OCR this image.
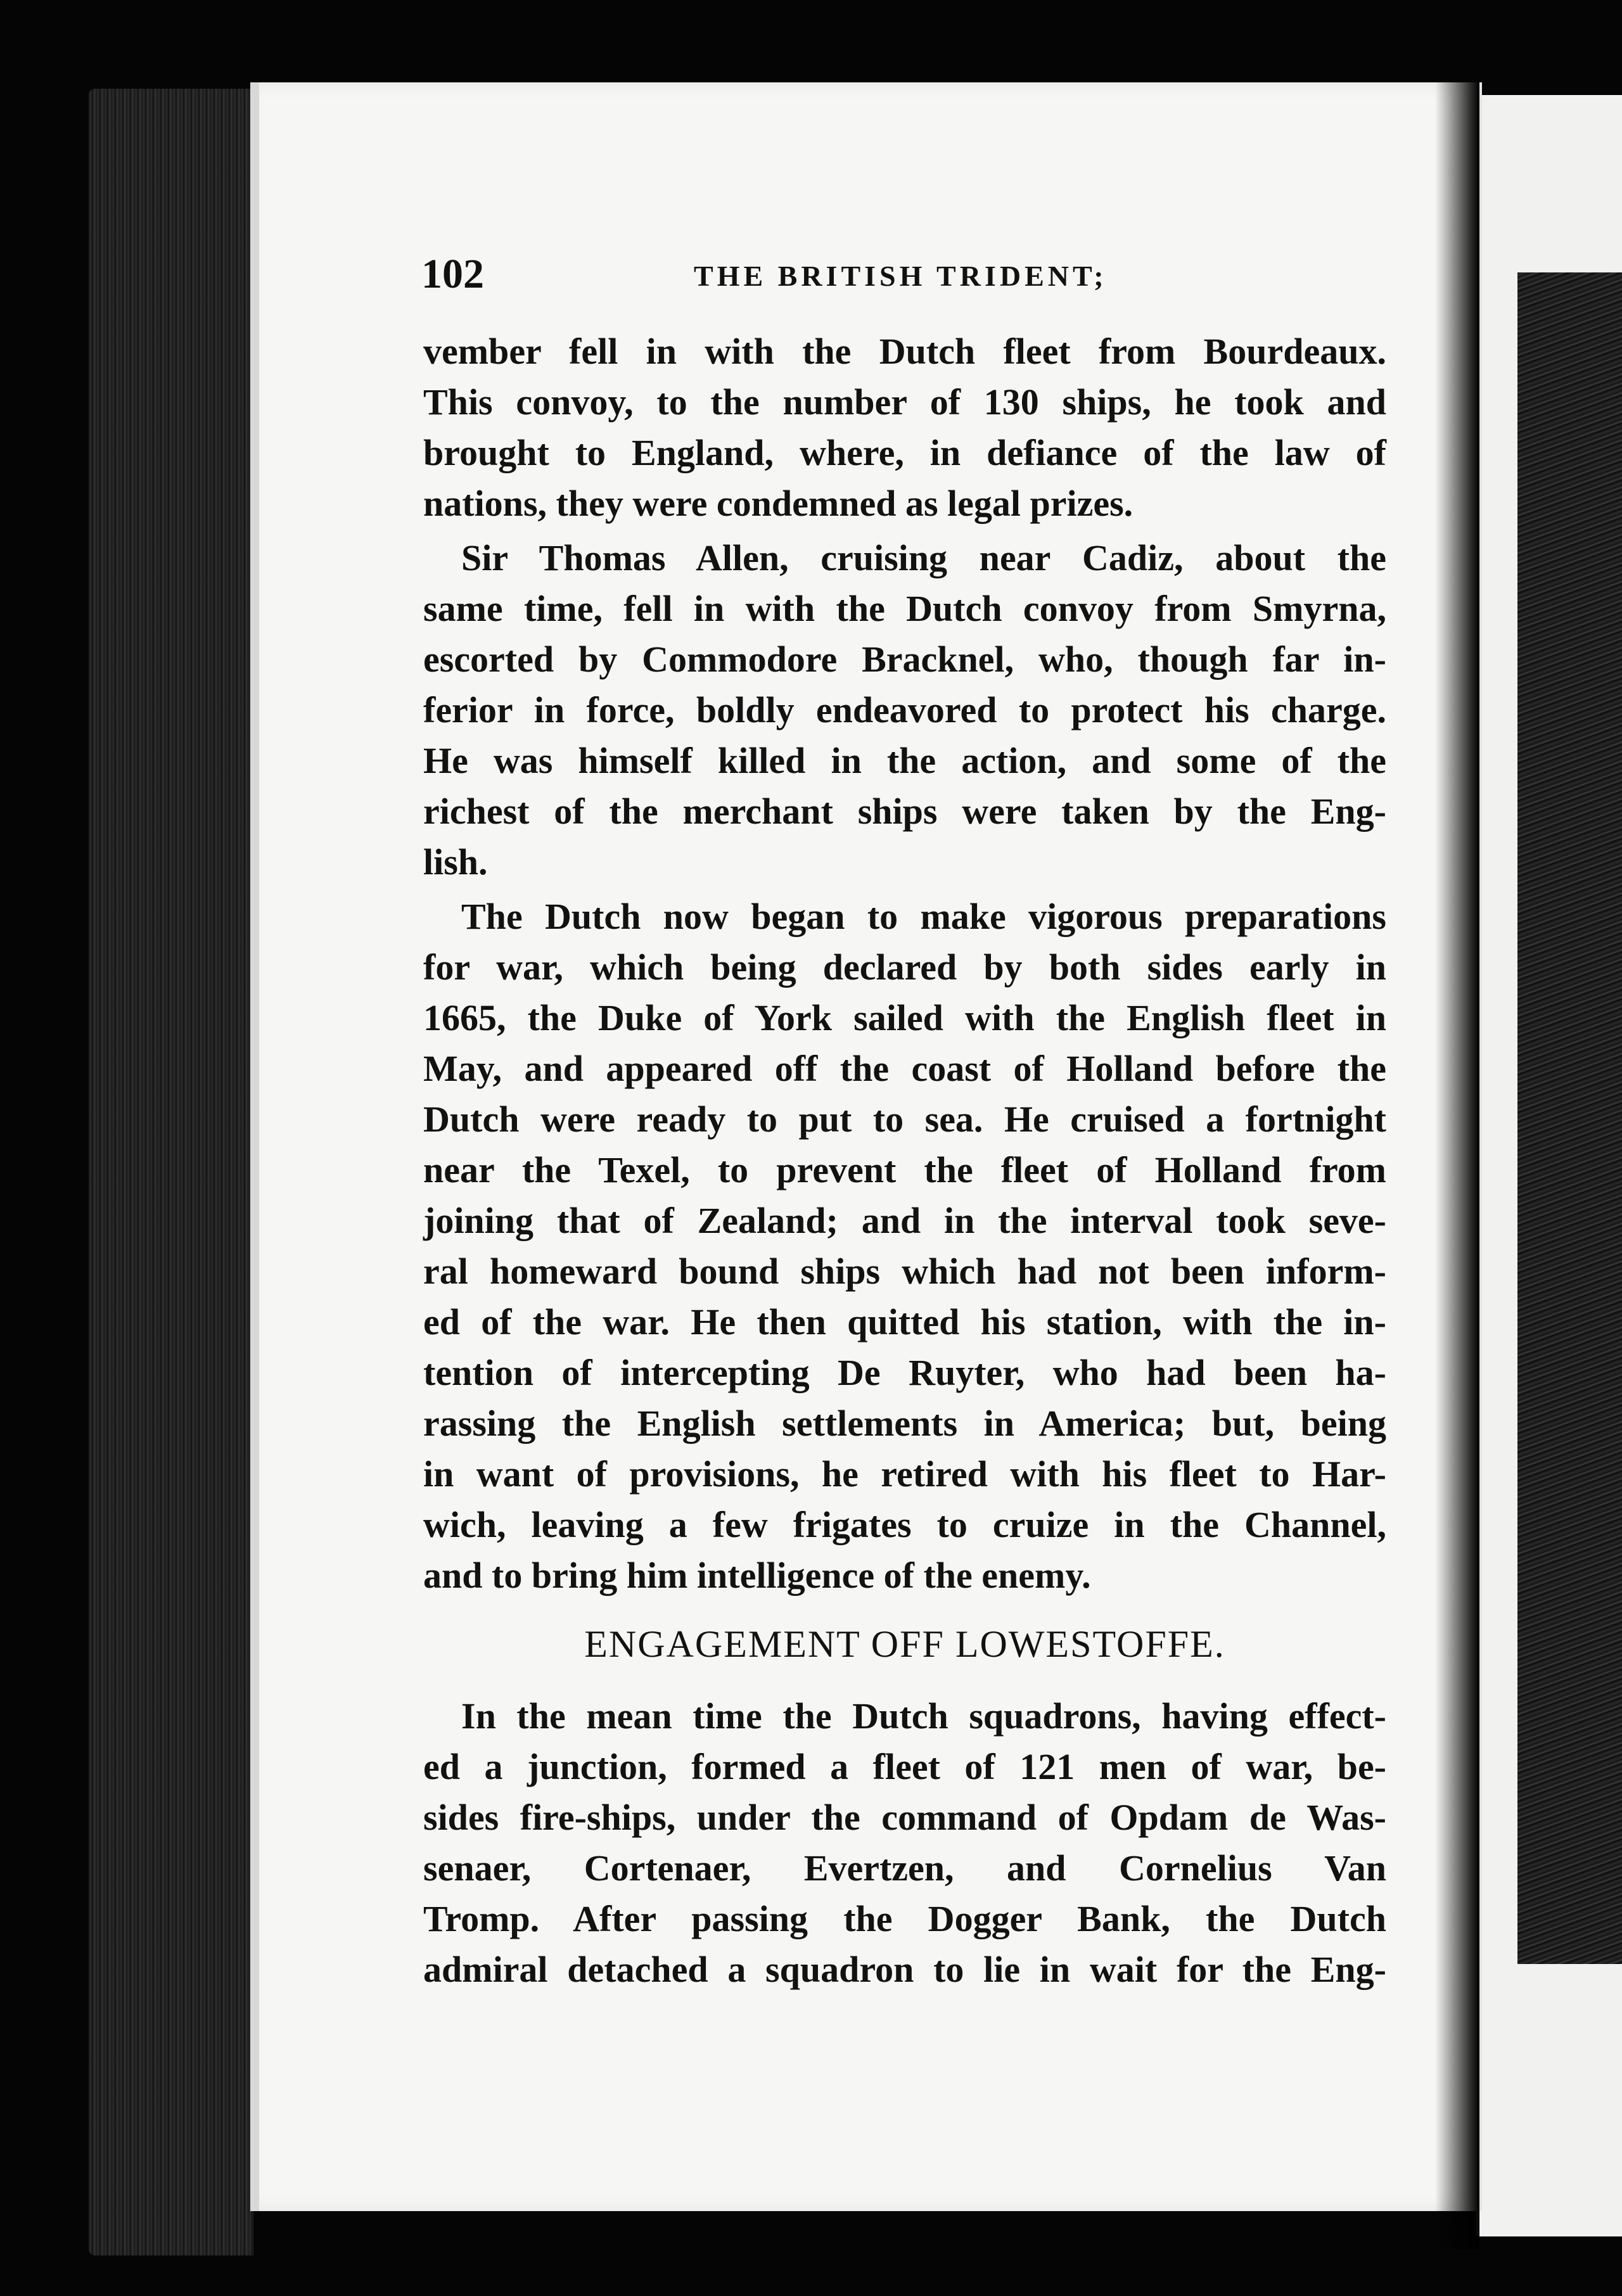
102	THE BRITISH TRIDENT;
vember fell in with the Dutch fleet from Bourdeaux.
This convoy, to the number of 130 ships, he took and
brought to England, where, in defiance of the law of
nations, they were condemned as legal prizes.
Sir Thomas Allen, cruising near Cadiz, about the
same time, fell in with the Dutch convoy from Smyrna,
escorted by Commodore Bracknel, who, though far in-
ferior in force, boldly endeavored to protect his charge.
He was himself killed in the action, and some of the
richest of the merchant ships were taken by the Eng-
lish.
The Dutch now began to make vigorous preparations
for war, which being declared by both sides early in
1665, the Duke of York sailed with the English fleet in
May, and appeared off the coast of Holland before the
Dutch were ready to put to sea. He cruised a fortnight
near the Texel, to prevent the fleet of Holland from
joining that of Zealand; and in the interval took seve-
ral homeward bound ships which had not been inform-
ed of the war. He then quitted his station, with the in-
tention of intercepting De Ruyter, who had been ha-
rassing the English settlements in America; but, being
in want of provisions, he retired with his fleet to Har-
wich, leaving a few frigates to cruize in the Channel,
and to bring him intelligence of the enemy.
ENGAGEMENT OFF LOWESTOFFE.
In the mean time the Dutch squadrons, having effect-
ed a junction, formed a fleet of 121 men of war, be-
sides fire-ships, under the command of Opdam de Was-
senaer, Cortenaer, Evertzen, and Cornelius Van
Tromp. After passing the Dogger Bank, the Dutch
admiral detached a squadron to lie in wait for the Eng-
